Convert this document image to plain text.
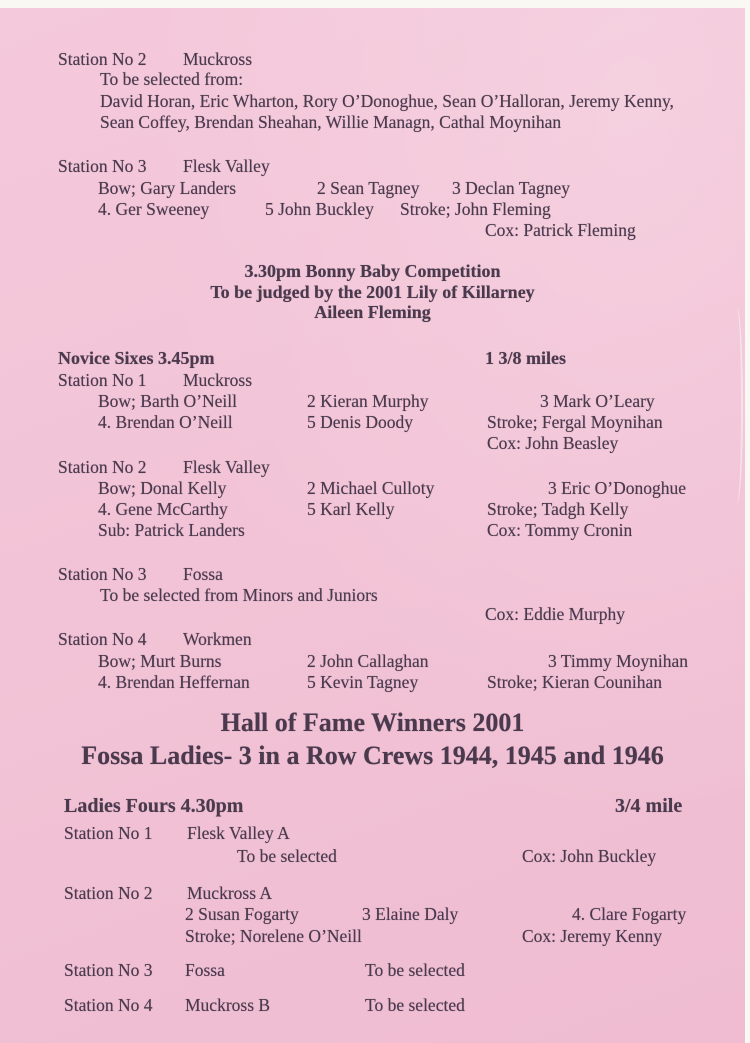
Station No 2 Muckross
To be selected from:
David Horan, Eric Wharton, Rory O’Donoghue, Sean O’Halloran, Jeremy Kenny,
Sean Coffey, Brendan Sheahan, Willie Managn, Cathal Moynihan
Station No 3 Flesk Valley
Bow; Gary Landers	2 Sean Tagney 3 Declan Tagney
4. Ger Sweeney	5 John Buckley Stroke; John Fleming
Cox: Patrick Fleming
3.30pm Bonny Baby Competition
To be judged by the 2001 Lily of Killarney
Aileen Fleming
Novice Sixes 3.45pm	1 3/8 miles
Station No 1 Muckross
Bow; Barth O’Neill	2 Kieran Murphy	3 Mark O’Leary
4. Brendan O’Neill	5 Denis Doody	Stroke; Fergal Moynihan
Cox: John Beasley
Station No 2 Flesk Valley
Bow; Donal Kelly	2 Michael Culloty	3 Eric O’Donoghue
4. Gene McCarthy	5 Karl Kelly	Stroke; Tadgh Kelly
Sub: Patrick Landers	Cox: Tommy Cronin
Station No 3 Fossa
To be selected from Minors and Juniors
Cox: Eddie Murphy
Station No 4 Workmen
Bow; Murt Burns	2 John Callaghan	3 Timmy Moynihan
4. Brendan Heffernan	5 Kevin Tagney	Stroke; Kieran Counihan
Hall of Fame Winners 2001
Fossa Ladies- 3 in a Row Crews 1944, 1945 and 1946
Ladies Fours 4.30pm	3/4 mile
Station No 1 Flesk Valley A
To be selected	Cox: John Buckley
Station No 2 Muckross A
2 Susan Fogarty	3 Elaine Daly	4. Clare Fogarty
Stroke; Norelene O’Neill	Cox: Jeremy Kenny
Station No 3 Fossa	To be selected
Station No 4 Muckross B	To be selected
